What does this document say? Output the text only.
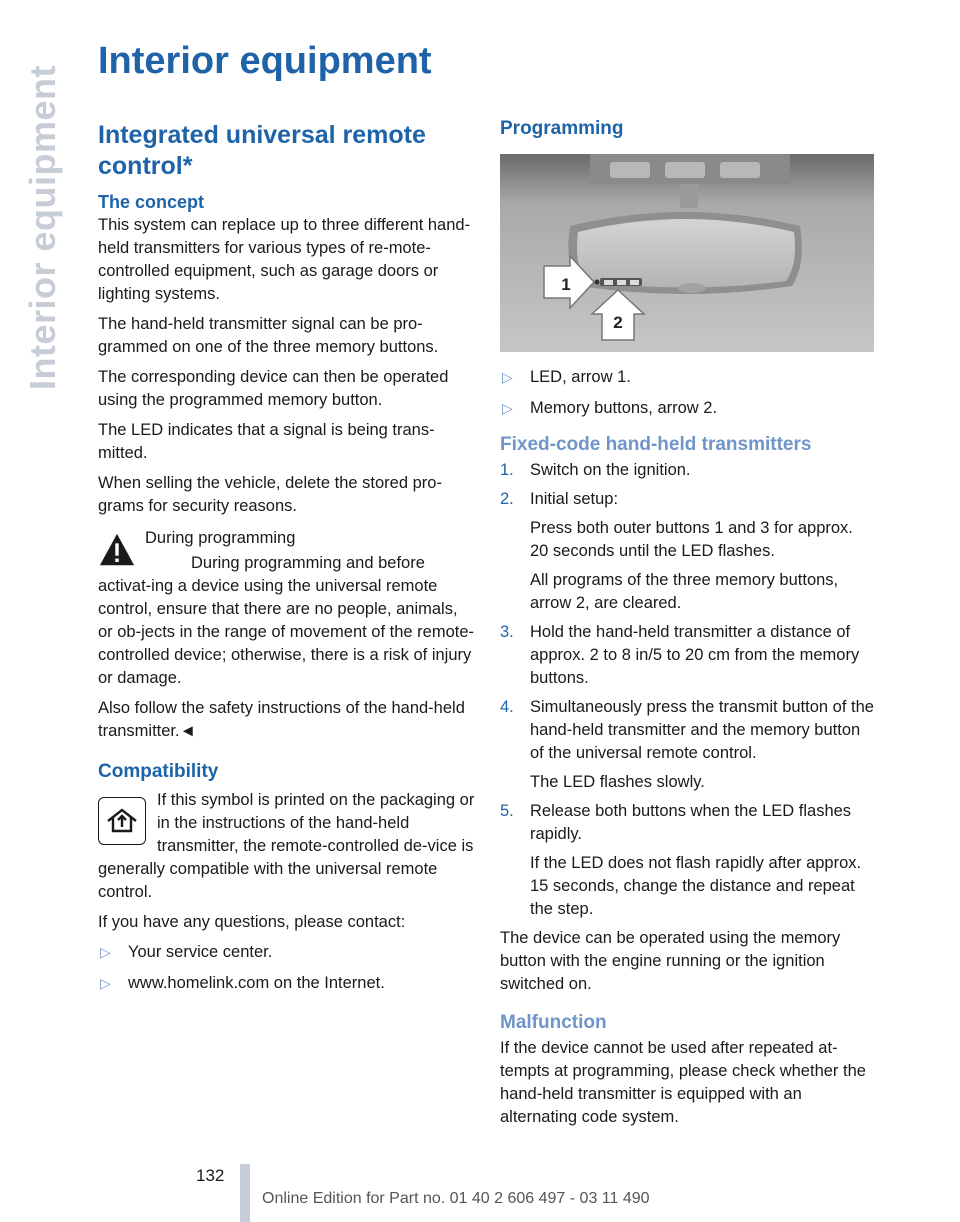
Interior equipment
Interior equipment
Integrated universal remote control*
The concept

This system can replace up to three different hand-held transmitters for various types of re-mote-controlled equipment, such as garage doors or lighting systems.

The hand-held transmitter signal can be pro-grammed on one of the three memory buttons.

The corresponding device can then be operated using the programmed memory button.

The LED indicates that a signal is being trans-mitted.

When selling the vehicle, delete the stored pro-grams for security reasons.

During programming

During programming and before activat-ing a device using the universal remote control, ensure that there are no people, animals, or ob-jects in the range of movement of the remote-controlled device; otherwise, there is a risk of injury or damage.

Also follow the safety instructions of the hand-held transmitter.◄

Compatibility

If this symbol is printed on the packaging or in the instructions of the hand-held transmitter, the remote-controlled de-vice is generally compatible with the universal remote control.

If you have any questions, please contact:

▷ Your service center.
▷ www.homelink.com on the Internet.
Programming
1
2
▷ LED, arrow 1.
▷ Memory buttons, arrow 2.
Fixed-code hand-held transmitters
1. Switch on the ignition.

2. Initial setup:

Press both outer buttons 1 and 3 for approx. 20 seconds until the LED flashes.

All programs of the three memory buttons, arrow 2, are cleared.

3. Hold the hand-held transmitter a distance of approx. 2 to 8 in/5 to 20 cm from the memory buttons.

4. Simultaneously press the transmit button of the hand-held transmitter and the memory button of the universal remote control.

The LED flashes slowly.

5. Release both buttons when the LED flashes rapidly.

If the LED does not flash rapidly after approx. 15 seconds, change the distance and repeat the step.

The device can be operated using the memory button with the engine running or the ignition switched on.

Malfunction

If the device cannot be used after repeated at-tempts at programming, please check whether the hand-held transmitter is equipped with an alternating code system.

132
Online Edition for Part no. 01 40 2 606 497 - 03 11 490
